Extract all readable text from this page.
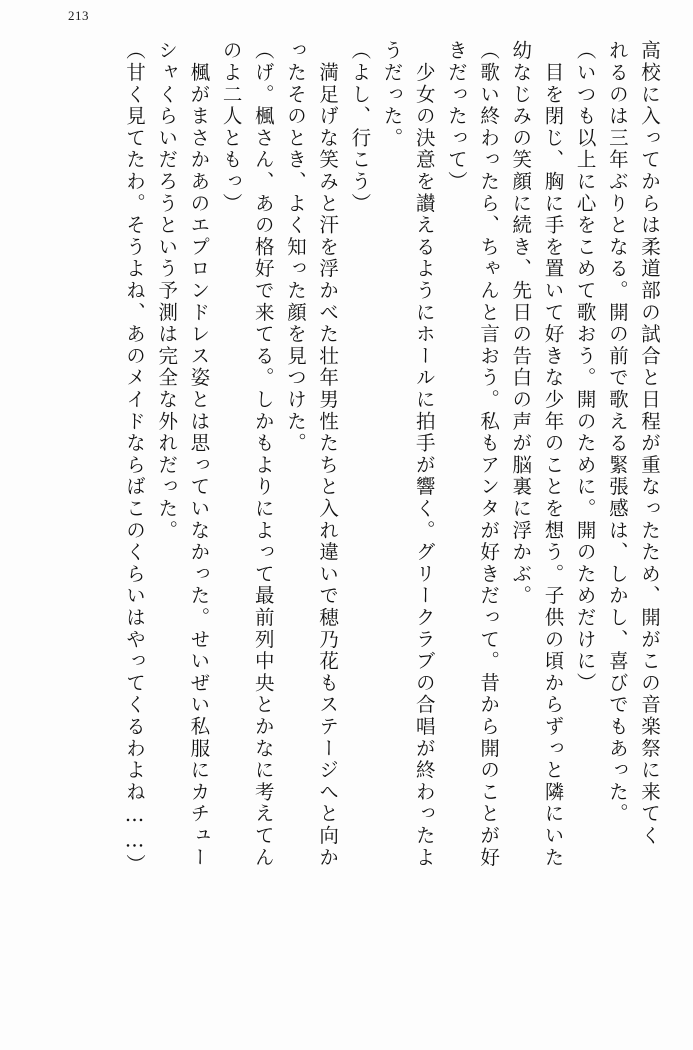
213
高校に入ってからは柔道部の試合と日程が重なったため、開がこの音楽祭に来てく
れるのは三年ぶりとなる。開の前で歌える緊張感は、しかし、喜びでもあった。
（いつも以上に心をこめて歌おう。開のために。開のためだけに）
　目を閉じ、胸に手を置いて好きな少年のことを想う。子供の頃からずっと隣にいた
幼なじみの笑顔に続き、先日の告白の声が脳裏に浮かぶ。
（歌い終わったら、ちゃんと言おう。私もアンタが好きだって。昔から開のことが好
きだったって）
　少女の決意を讃えるようにホールに拍手が響く。グリークラブの合唱が終わったよ
うだった。
（よし、行こう）
　満足げな笑みと汗を浮かべた壮年男性たちと入れ違いで穂乃花もステージへと向か
ったそのとき、よく知った顔を見つけた。
（げ。楓さん、あの格好で来てる。しかもよりによって最前列中央とかなに考えてん
のよ二人ともっ）
　楓がまさかあのエプロンドレス姿とは思っていなかった。せいぜい私服にカチュー
シャくらいだろうという予測は完全な外れだった。
（甘く見てたわ。そうよね、あのメイドならばこのくらいはやってくるわよね……）
